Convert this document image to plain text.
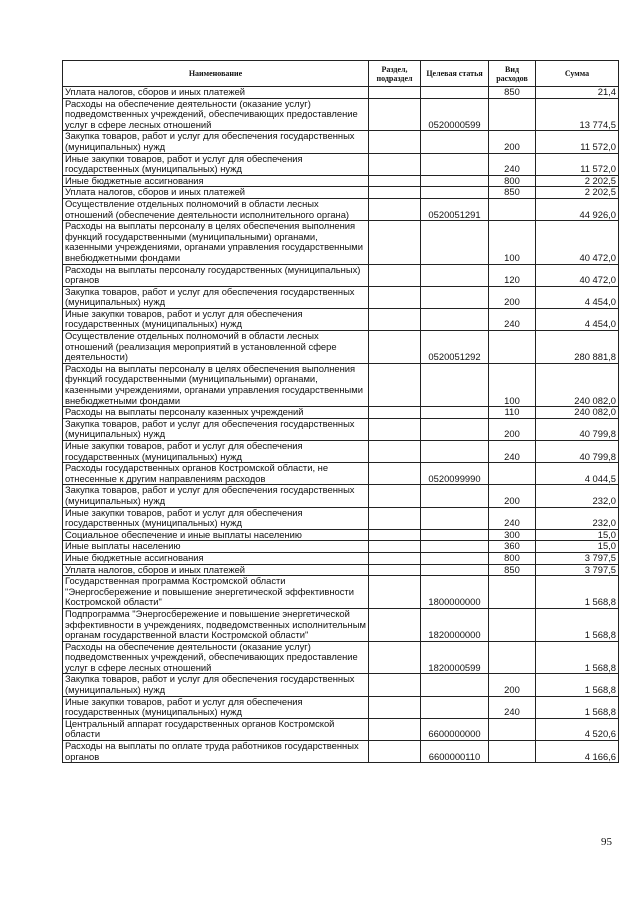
Наименование	Раздел, подраздел	Целевая статья	Вид расходов	Сумма
Уплата налогов, сборов и иных платежей			850	21,4
Расходы на обеспечение деятельности (оказание услуг) подведомственных учреждений, обеспечивающих предоставление услуг в сфере лесных отношений		0520000599		13 774,5
Закупка товаров, работ и услуг для обеспечения государственных (муниципальных) нужд			200	11 572,0
Иные закупки товаров, работ и услуг для обеспечения государственных (муниципальных) нужд			240	11 572,0
Иные бюджетные ассигнования			800	2 202,5
Уплата налогов, сборов и иных платежей			850	2 202,5
Осуществление отдельных полномочий в области лесных отношений (обеспечение деятельности исполнительного органа)		0520051291		44 926,0
Расходы на выплаты персоналу в целях обеспечения выполнения функций государственными (муниципальными) органами, казенными учреждениями, органами управления государственными внебюджетными фондами			100	40 472,0
Расходы на выплаты персоналу государственных (муниципальных) органов			120	40 472,0
Закупка товаров, работ и услуг для обеспечения государственных (муниципальных) нужд			200	4 454,0
Иные закупки товаров, работ и услуг для обеспечения государственных (муниципальных) нужд			240	4 454,0
Осуществление отдельных полномочий в области лесных отношений (реализация мероприятий в установленной сфере деятельности)		0520051292		280 881,8
Расходы на выплаты персоналу в целях обеспечения выполнения функций государственными (муниципальными) органами, казенными учреждениями, органами управления государственными внебюджетными фондами			100	240 082,0
Расходы на выплаты персоналу казенных учреждений			110	240 082,0
Закупка товаров, работ и услуг для обеспечения государственных (муниципальных) нужд			200	40 799,8
Иные закупки товаров, работ и услуг для обеспечения государственных (муниципальных) нужд			240	40 799,8
Расходы государственных органов Костромской области, не отнесенные к другим направлениям расходов		0520099990		4 044,5
Закупка товаров, работ и услуг для обеспечения государственных (муниципальных) нужд			200	232,0
Иные закупки товаров, работ и услуг для обеспечения государственных (муниципальных) нужд			240	232,0
Социальное обеспечение и иные выплаты населению			300	15,0
Иные выплаты населению			360	15,0
Иные бюджетные ассигнования			800	3 797,5
Уплата налогов, сборов и иных платежей			850	3 797,5
Государственная программа Костромской области "Энергосбережение и повышение энергетической эффективности Костромской области"		1800000000		1 568,8
Подпрограмма "Энергосбережение и повышение энергетической эффективности в учреждениях, подведомственных исполнительным органам государственной власти Костромской области"		1820000000		1 568,8
Расходы на обеспечение деятельности (оказание услуг) подведомственных учреждений, обеспечивающих предоставление услуг в сфере лесных отношений		1820000599		1 568,8
Закупка товаров, работ и услуг для обеспечения государственных (муниципальных) нужд			200	1 568,8
Иные закупки товаров, работ и услуг для обеспечения государственных (муниципальных) нужд			240	1 568,8
Центральный аппарат государственных органов Костромской области		6600000000		4 520,6
Расходы на выплаты по оплате труда работников государственных органов		6600000110		4 166,6
95
